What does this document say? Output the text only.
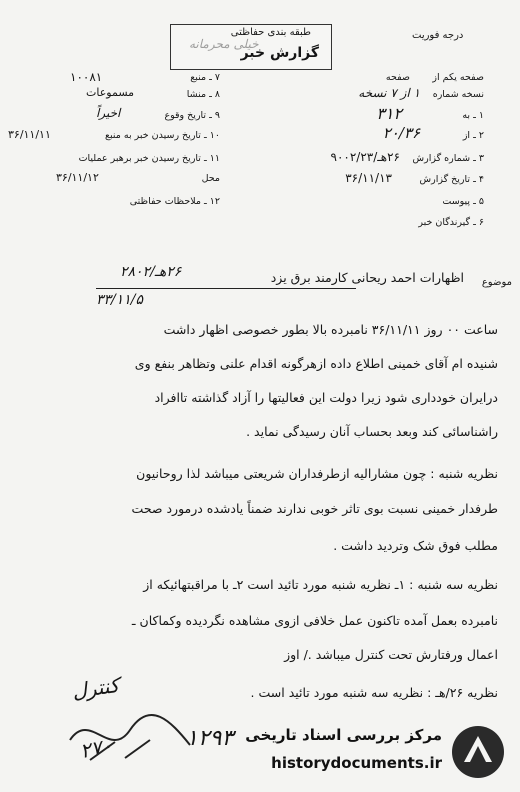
درجه فوریت
طبقه بندی حفاظتی
گزارش خبر
خیلی محرمانه
صفحه یکم از
صفحه
نسخه شماره
۱ از ۷ نسخه
۱ ـ به
۳۱۲
۲ ـ از
۲۰/۳۶
۳ ـ شماره گزارش
۲۶هـ/۹۰۰۲/۲۳
۴ ـ تاریخ گزارش
۳۶/۱۱/۱۳
۵ ـ پیوست
۶ ـ گیرندگان خبر
۷ ـ منبع
۱۰۰۸۱
۸ ـ منشا
مسموعات
۹ ـ تاریخ وقوع
اخیراً
۱۰ ـ تاریخ رسیدن خبر به منبع
۳۶/۱۱/۱۱
۱۱ ـ تاریخ رسیدن خبر برهبر عملیات
محل
۳۶/۱۱/۱۲
۱۲ ـ ملاحظات حفاظتی
موضوع
اظهارات احمد ریحانی کارمند برق یزد
۲۶هـ/۲۸۰۲
۳۳/۱۱/۵
ساعت ۰۰ روز ۳۶/۱۱/۱۱ نامبرده بالا بطور خصوصی اظهار داشت
شنیده ام آقای خمینی اطلاع داده ازهرگونه اقدام علنی وتظاهر بنفع وی
درایران خودداری شود زیرا دولت این فعالیتها را آزاد گذاشته تاافراد
راشناسائی کند وبعد بحساب آنان رسیدگی نماید .
نظریه شنبه : چون مشارالیه ازطرفداران شریعتی میباشد لذا روحانیون
طرفدار خمینی نسبت بوی تاثر خوبی ندارند ضمناً یادشده درمورد صحت
مطلب فوق شک وتردید داشت .
نظریه سه شنبه : ۱ـ نظریه شنبه مورد تائید است ۲ـ با مراقبتهائیکه از
نامبرده بعمل آمده تاکنون عمل خلافی ازوی مشاهده نگردیده وکماکان ـ
اعمال ورفتارش تحت کنترل میباشد ./ اوز
نظریه ۲۶/هـ : نظریه سه شنبه مورد تائید است .
کنترل
۱۲۹۳
۲۷۰	مرکز بررسی اسناد تاریخی
historydocuments.ir
